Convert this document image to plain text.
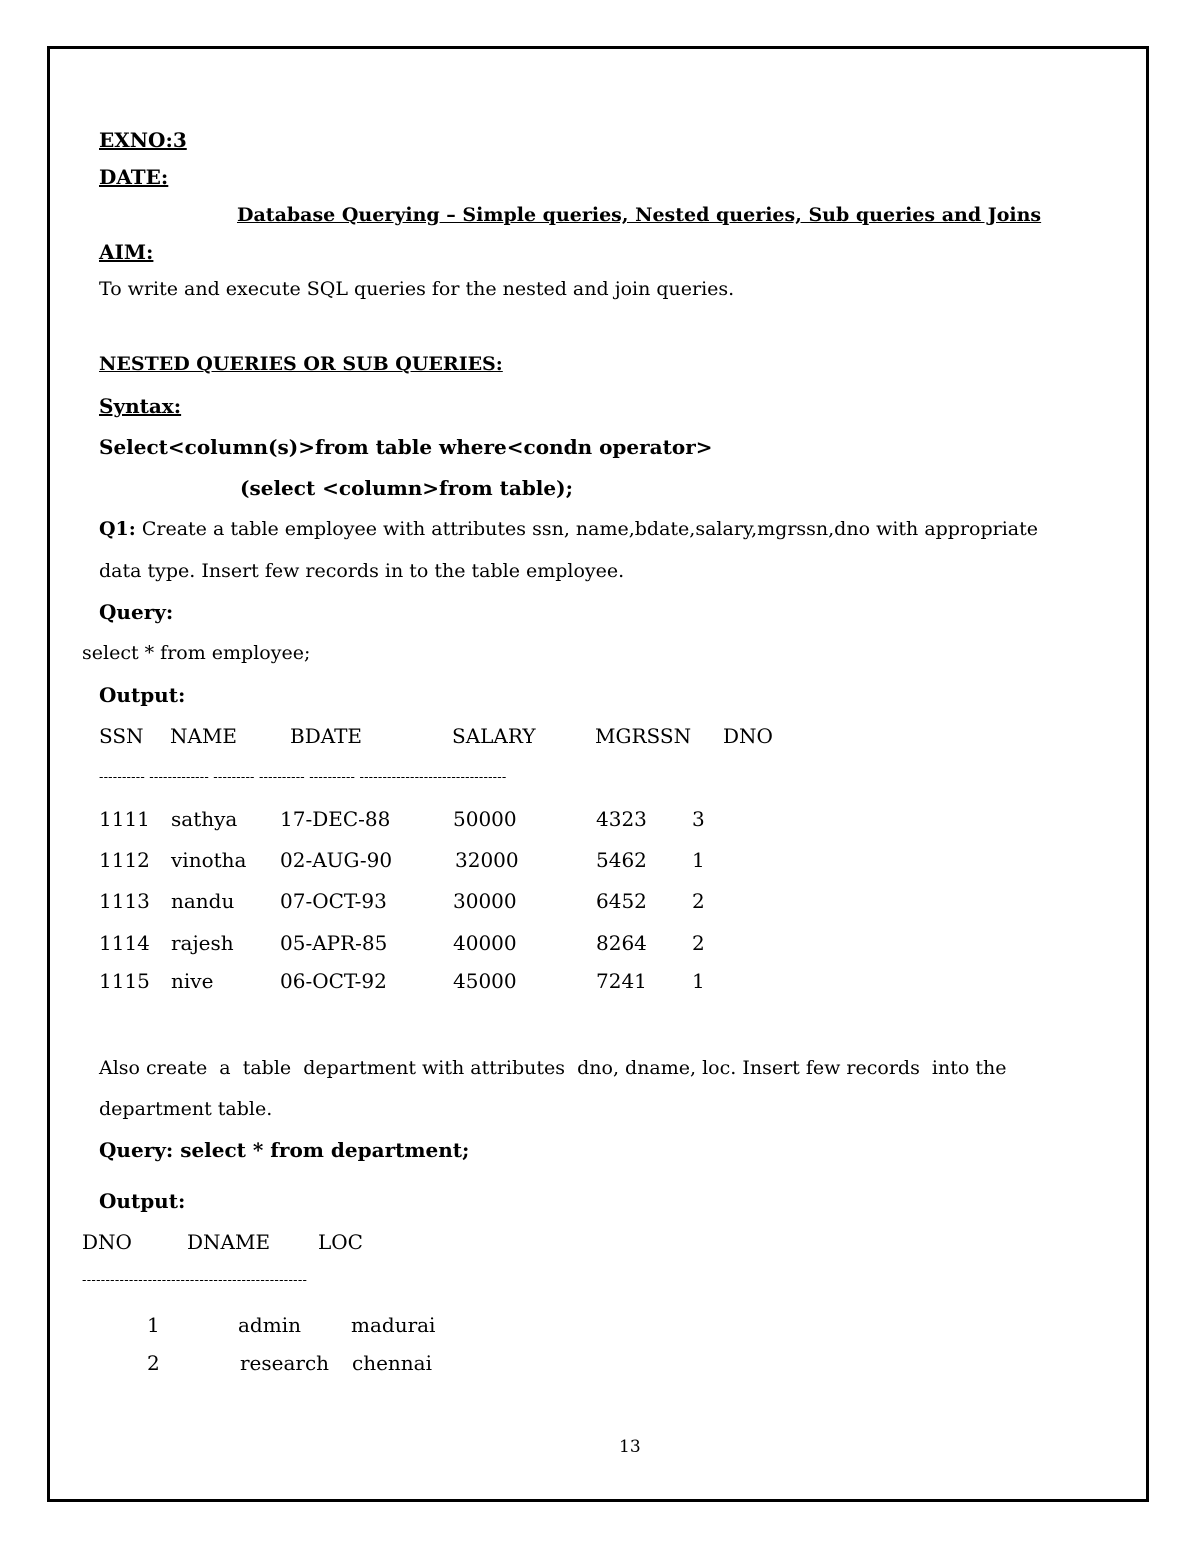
EXNO:3
DATE:
Database Querying – Simple queries, Nested queries, Sub queries and Joins
AIM:
To write and execute SQL queries for the nested and join queries.
NESTED QUERIES OR SUB QUERIES:
Syntax:
Select<column(s)>from table where<condn operator>
(select <column>from table);
Q1: Create a table employee with attributes ssn, name,bdate,salary,mgrssn,dno with appropriate
data type. Insert few records in to the table employee.
Query:
select * from employee;
Output:
SSN NAME	BDATE	SALARY	MGRSSN DNO
---------- ------------- --------- ---------- ---------- --------------------------------
1111 sathya 17-DEC-88	50000	4323 3
1112 vinotha 02-AUG-90	32000	5462 1
1113 nandu 07-OCT-93	30000	6452 2
1114 rajesh 05-APR-85	40000	8264 2
1115 nive	06-OCT-92	45000	7241 1
Also create  a  table  department with attributes  dno, dname, loc. Insert few records  into the
department table.
Query: select * from department;
Output:
DNO	DNAME LOC
------------------------------------------------
1	admin	madurai
2	research chennai
13
